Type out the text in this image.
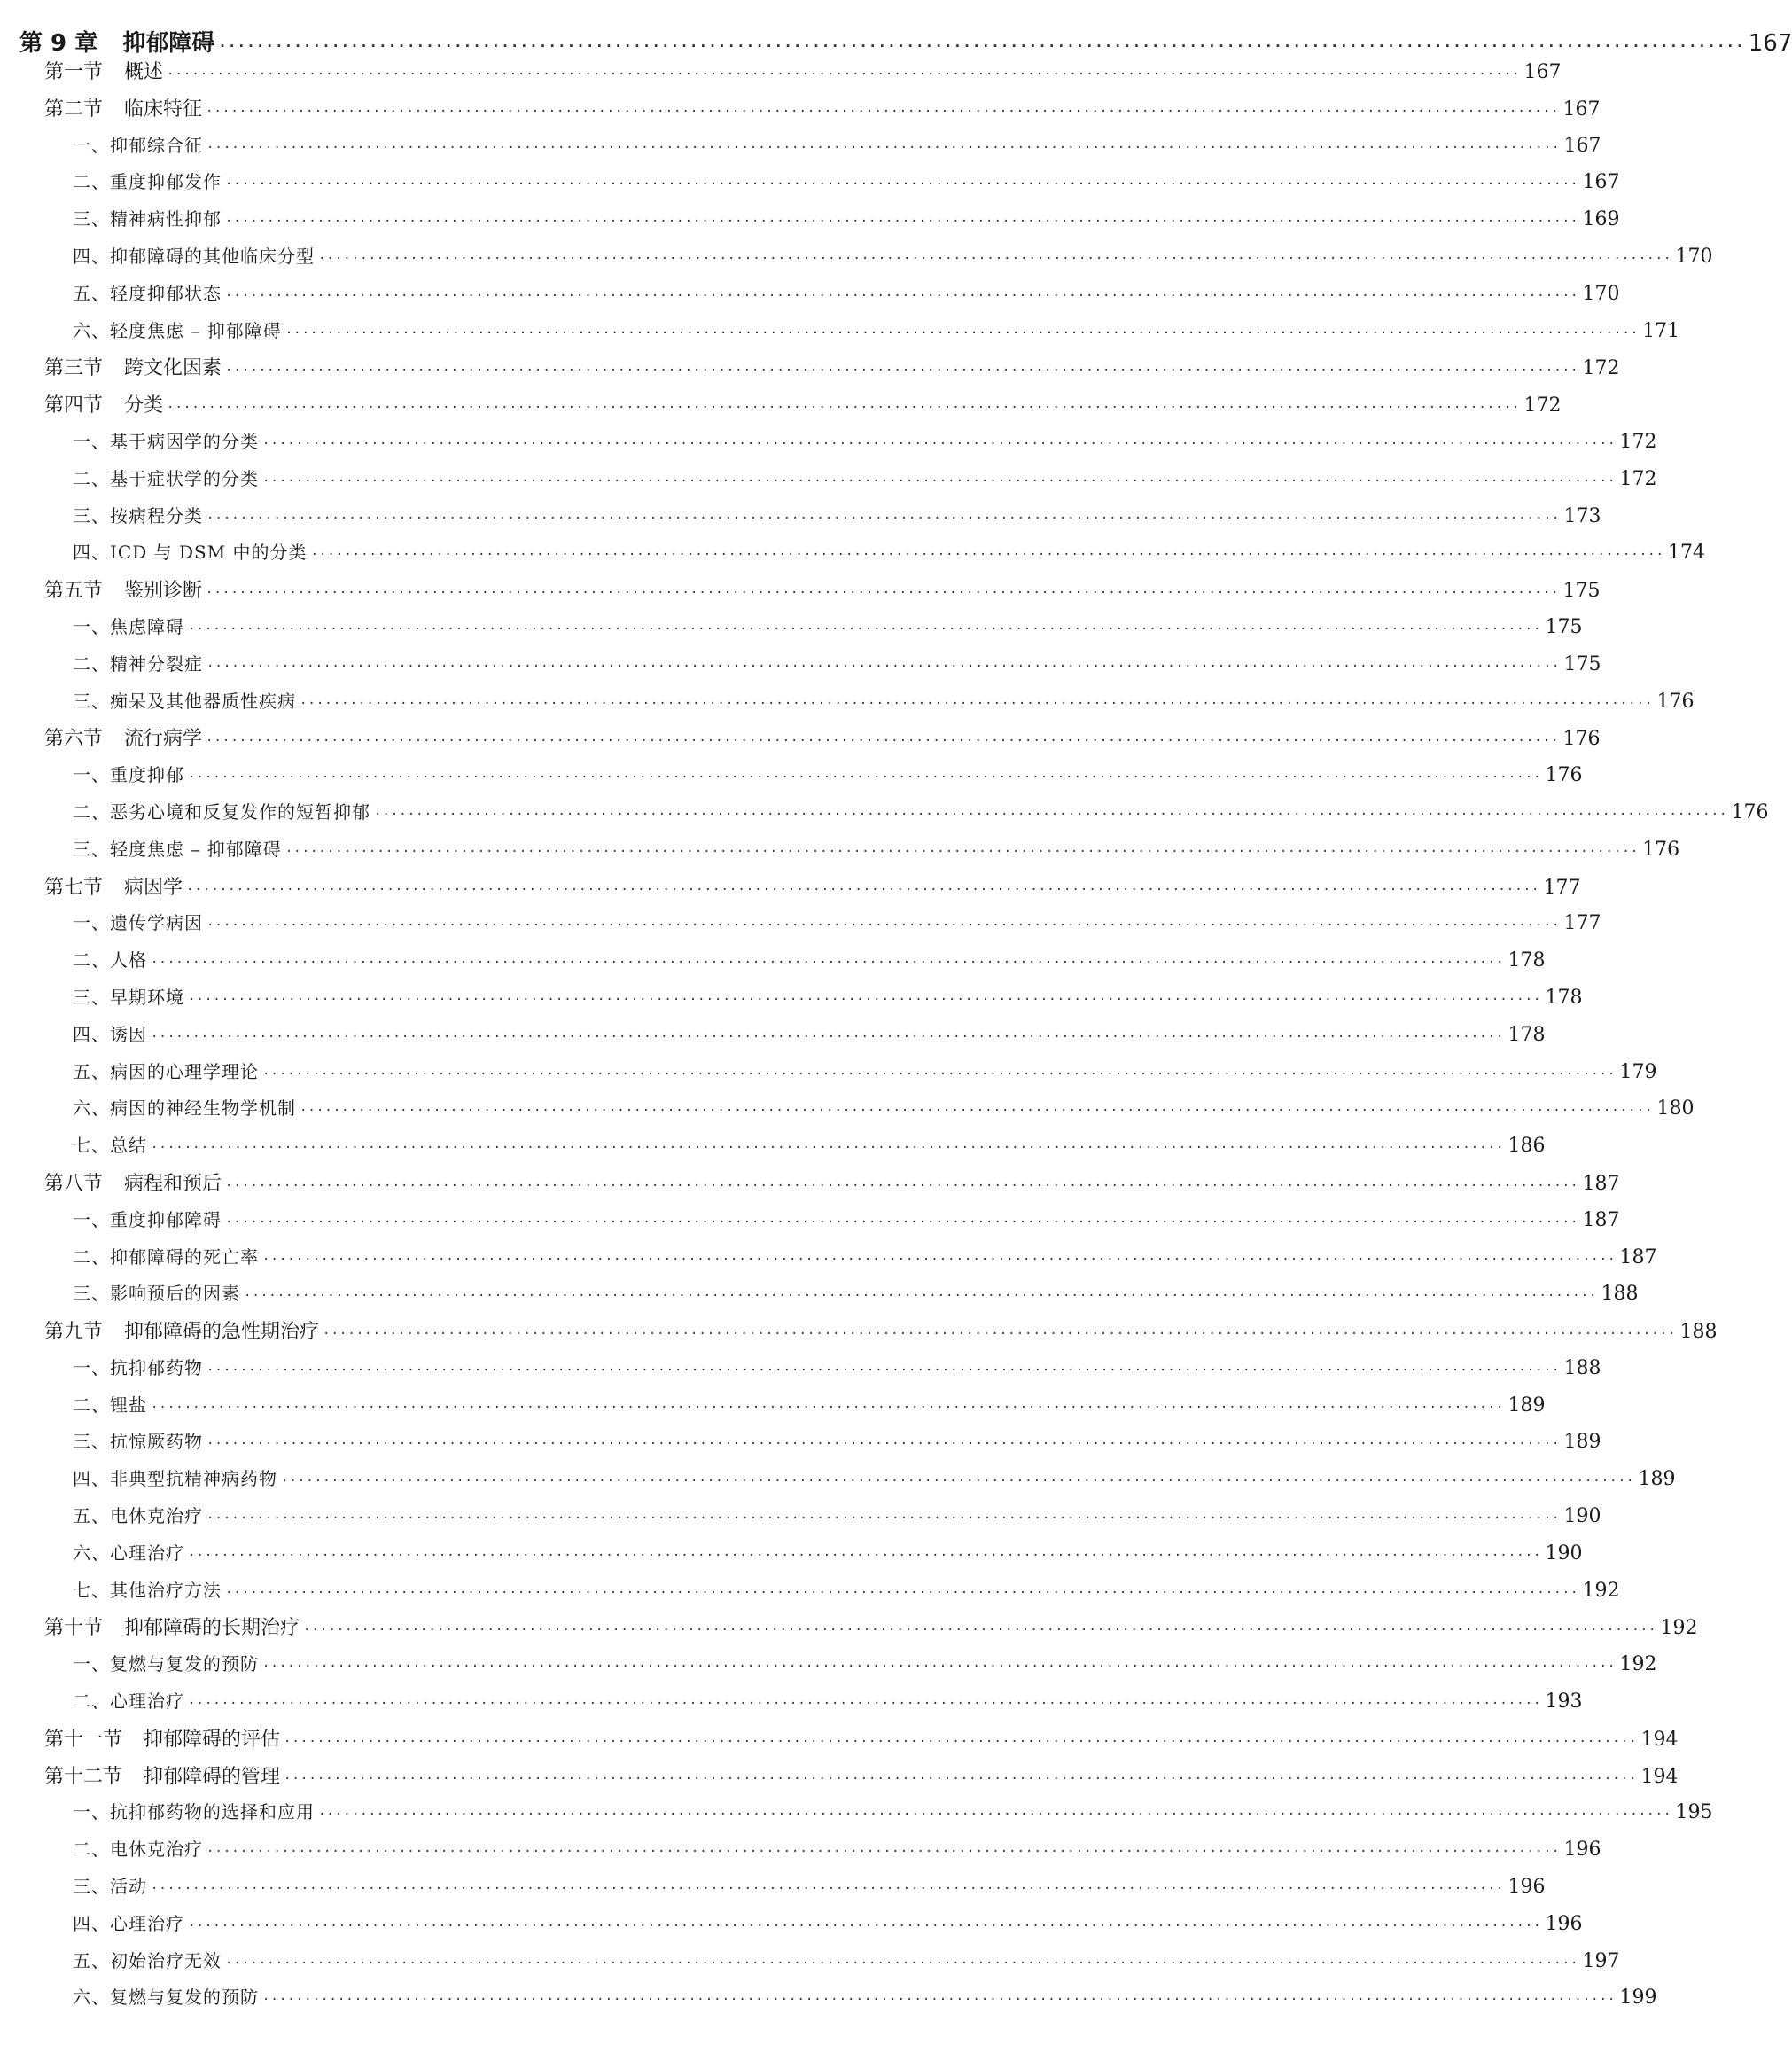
第 9 章 抑郁障碍 ·····	167
第一节 概述 ·····	167
第二节 临床特征 ·····	167
一、抑郁综合征 ·····	167
二、重度抑郁发作 ·····	167
三、精神病性抑郁 ·····	169
四、抑郁障碍的其他临床分型 ·····	170
五、轻度抑郁状态 ·····	170
六、轻度焦虑 – 抑郁障碍 ·····	171
第三节 跨文化因素 ·····	172
第四节 分类 ·····	172
一、基于病因学的分类 ·····	172
二、基于症状学的分类 ·····	172
三、按病程分类 ·····	173
四、ICD 与 DSM 中的分类 ·····	174
第五节 鉴别诊断 ·····	175
一、焦虑障碍 ·····	175
二、精神分裂症 ·····	175
三、痴呆及其他器质性疾病 ·····	176
第六节 流行病学 ·····	176
一、重度抑郁 ·····	176
二、恶劣心境和反复发作的短暂抑郁 ·····	176
三、轻度焦虑 – 抑郁障碍 ·····	176
第七节 病因学 ·····	177
一、遗传学病因 ·····	177
二、人格 ·····	178
三、早期环境 ·····	178
四、诱因 ·····	178
五、病因的心理学理论 ·····	179
六、病因的神经生物学机制 ·····	180
七、总结 ·····	186
第八节 病程和预后 ·····	187
一、重度抑郁障碍 ·····	187
二、抑郁障碍的死亡率 ·····	187
三、影响预后的因素 ·····	188
第九节 抑郁障碍的急性期治疗 ·····	188
一、抗抑郁药物 ·····	188
二、锂盐 ·····	189
三、抗惊厥药物 ·····	189
四、非典型抗精神病药物 ·····	189
五、电休克治疗 ·····	190
六、心理治疗 ·····	190
七、其他治疗方法 ·····	192
第十节 抑郁障碍的长期治疗 ·····	192
一、复燃与复发的预防 ·····	192
二、心理治疗 ·····	193
第十一节 抑郁障碍的评估 ·····	194
第十二节 抑郁障碍的管理 ·····	194
一、抗抑郁药物的选择和应用 ·····	195
二、电休克治疗 ·····	196
三、活动 ·····	196
四、心理治疗 ·····	196
五、初始治疗无效 ·····	197
六、复燃与复发的预防 ·····	199
